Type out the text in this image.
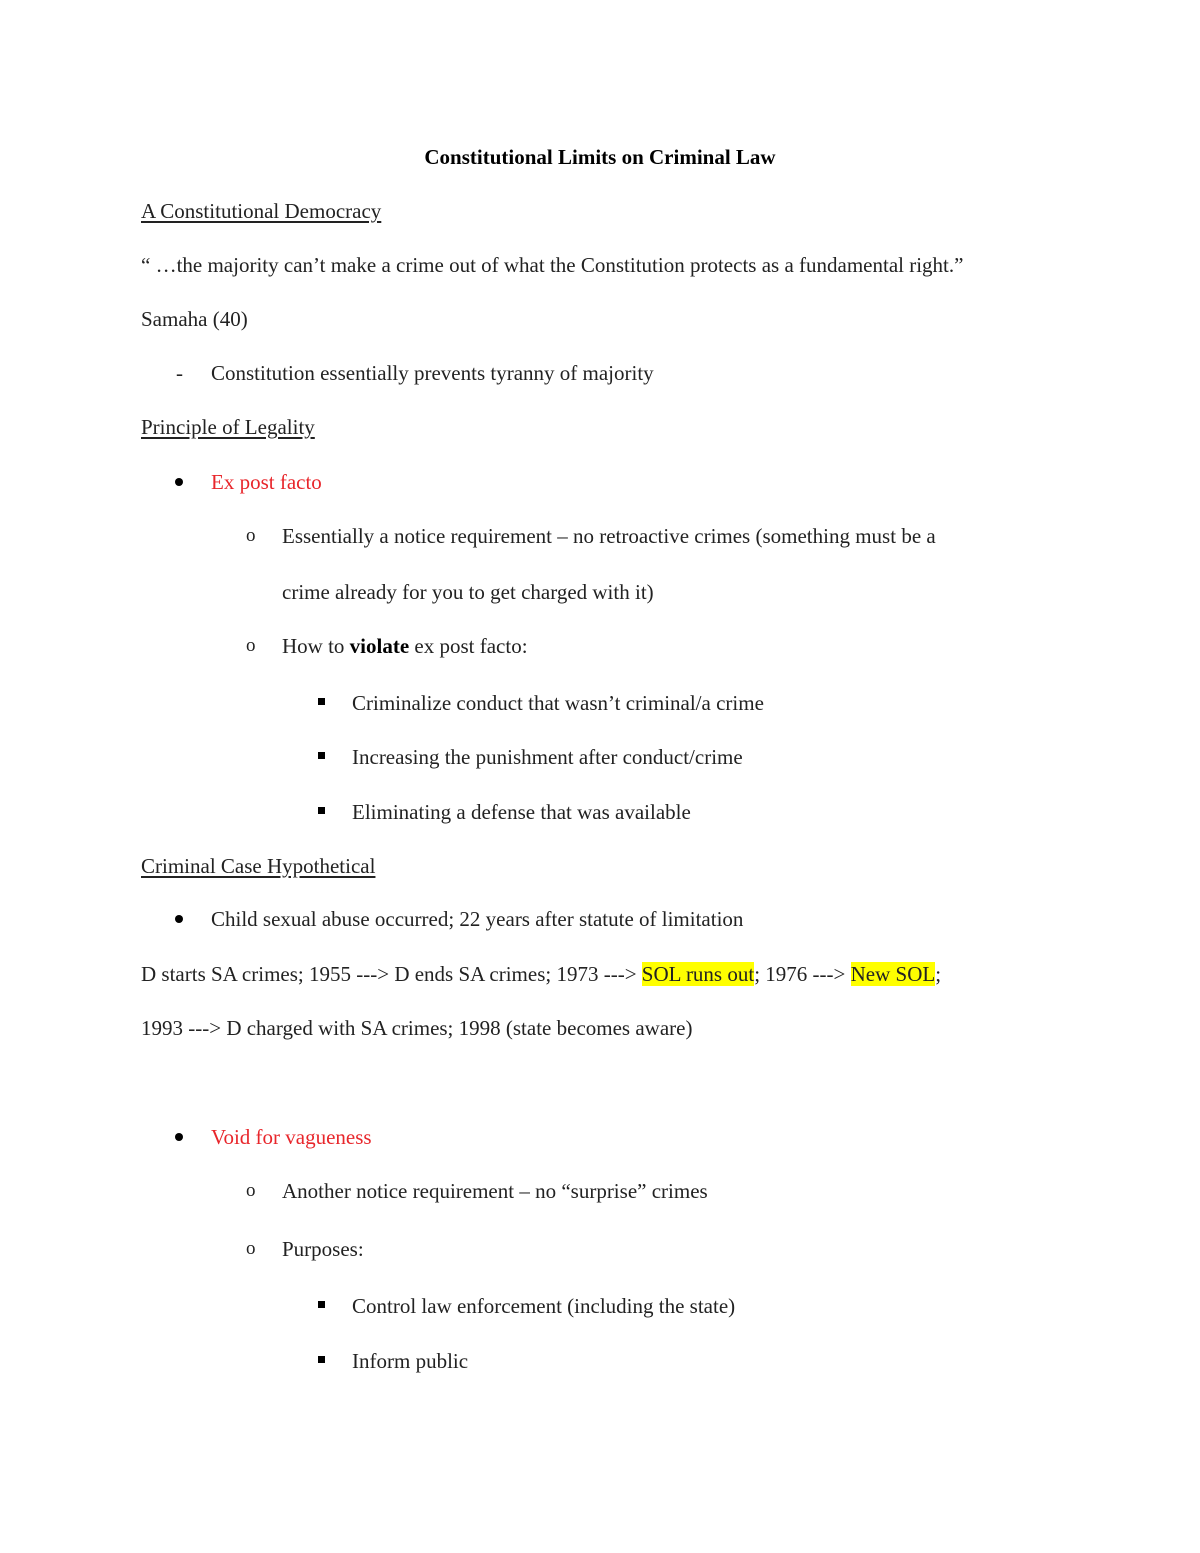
Constitutional Limits on Criminal Law
A Constitutional Democracy
“ …the majority can’t make a crime out of what the Constitution protects as a fundamental right.”
Samaha (40)
- Constitution essentially prevents tyranny of majority
Principle of Legality
Ex post facto
o Essentially a notice requirement – no retroactive crimes (something must be a
crime already for you to get charged with it)
o How to violate ex post facto:
Criminalize conduct that wasn’t criminal/a crime
Increasing the punishment after conduct/crime
Eliminating a defense that was available
Criminal Case Hypothetical
Child sexual abuse occurred; 22 years after statute of limitation
D starts SA crimes; 1955 ---> D ends SA crimes; 1973 ---> SOL runs out; 1976 ---> New SOL;
1993 ---> D charged with SA crimes; 1998 (state becomes aware)
Void for vagueness
o Another notice requirement – no “surprise” crimes
o Purposes:
Control law enforcement (including the state)
Inform public
